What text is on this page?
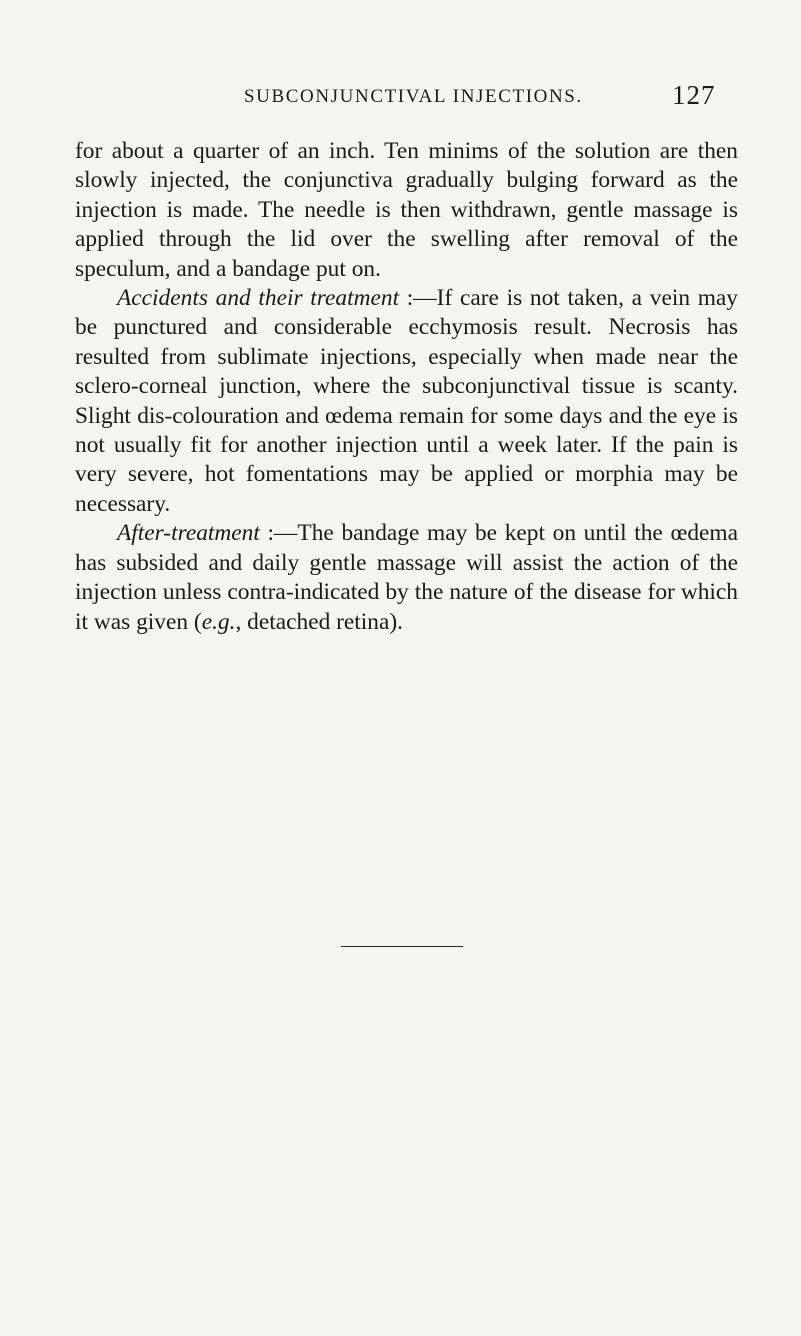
SUBCONJUNCTIVAL INJECTIONS.	127

for about a quarter of an inch. Ten minims of the solution are then slowly injected, the conjunctiva gradually bulging forward as the injection is made. The needle is then withdrawn, gentle massage is applied through the lid over the swelling after removal of the speculum, and a bandage put on.

Accidents and their treatment :—If care is not taken, a vein may be punctured and considerable ecchymosis result. Necrosis has resulted from sublimate injections, especially when made near the sclero-corneal junction, where the subconjunctival tissue is scanty. Slight dis-colouration and œdema remain for some days and the eye is not usually fit for another injection until a week later. If the pain is very severe, hot fomentations may be applied or morphia may be necessary.

After-treatment :—The bandage may be kept on until the œdema has subsided and daily gentle massage will assist the action of the injection unless contra-indicated by the nature of the disease for which it was given (e.g., detached retina).
